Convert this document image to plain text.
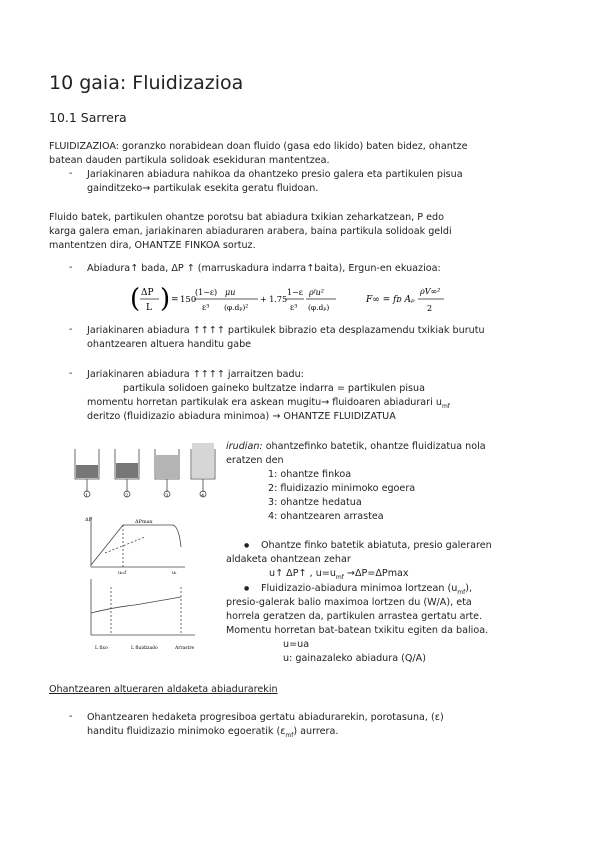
10 gaia: Fluidizazioa
10.1 Sarrera
FLUIDIZAZIOA: goranzko norabidean doan fluido (gasa edo likido) baten bidez, ohantze
batean dauden partikula solidoak esekiduran mantentzea.
- Jariakinaren abiadura nahikoa da ohantzeko presio galera eta partikulen pisua
gainditzeko→ partikulak esekita geratu fluidoan.
Fluido batek, partikulen ohantze porotsu bat abiadura txikian zeharkatzean, P edo
karga galera eman, jariakinaren abiaduraren arabera, baina partikula solidoak geldi
mantentzen dira, OHANTZE FINKOA sortuz.
- Abiadura↑ bada, ΔP ↑ (marruskadura indarra↑baita), Ergun-en ekuazioa:
( ΔP
L ) = 150
(1−ε)
ε³
μu
(φ.dₚ)²
+ 1.75
1−ε
ε³
ρᶠu²
(φ.dₚ)
F∞ = fᴅ Aₚ
ρV∞²
2
- Jariakinaren abiadura ↑↑↑↑ partikulek bibrazio eta desplazamendu txikiak burutu
ohantzearen altuera handitu gabe
- Jariakinaren abiadura ↑↑↑↑ jarraitzen badu:
partikula solidoen gaineko bultzatze indarra = partikulen pisua
momentu horretan partikulak era askean mugitu→ fluidoaren abiadurari $u_{mf}$
deritzo (fluidizazio abiadura minimoa) → OHANTZE FLUIDIZATUA
1	2	3	4
ΔP	ΔPmax
uₘf	uₜ
L fixo	L fluidizado	Arrastre
irudian: ohantzefinko batetik, ohantze fluidizatua nola
eratzen den
1: ohantze finkoa
2: fluidizazio minimoko egoera
3: ohantze hedatua
4: ohantzearen arrastea
● Ohantze finko batetik abiatuta, presio galeraren
aldaketa ohantzean zehar
u↑ ΔP↑ , $u=u_{mf} \to\Delta P=\Delta Pmax$
● Fluidizazio-abiadura minimoa lortzean $(u_{mf})$,
presio-galerak balio maximoa lortzen du (W/A), eta
horrela geratzen da, partikulen arrastea gertatu arte.
Momentu horretan bat-batean txikitu egiten da balioa.
u=ua
u: gainazaleko abiadura (Q/A)
Ohantzearen altueraren aldaketa abiadurarekin
- Ohantzearen hedaketa progresiboa gertatu abiadurarekin, porotasuna, (ε)
handitu fluidizazio minimoko egoeratik $(\varepsilon_{mf})$ aurrera.
